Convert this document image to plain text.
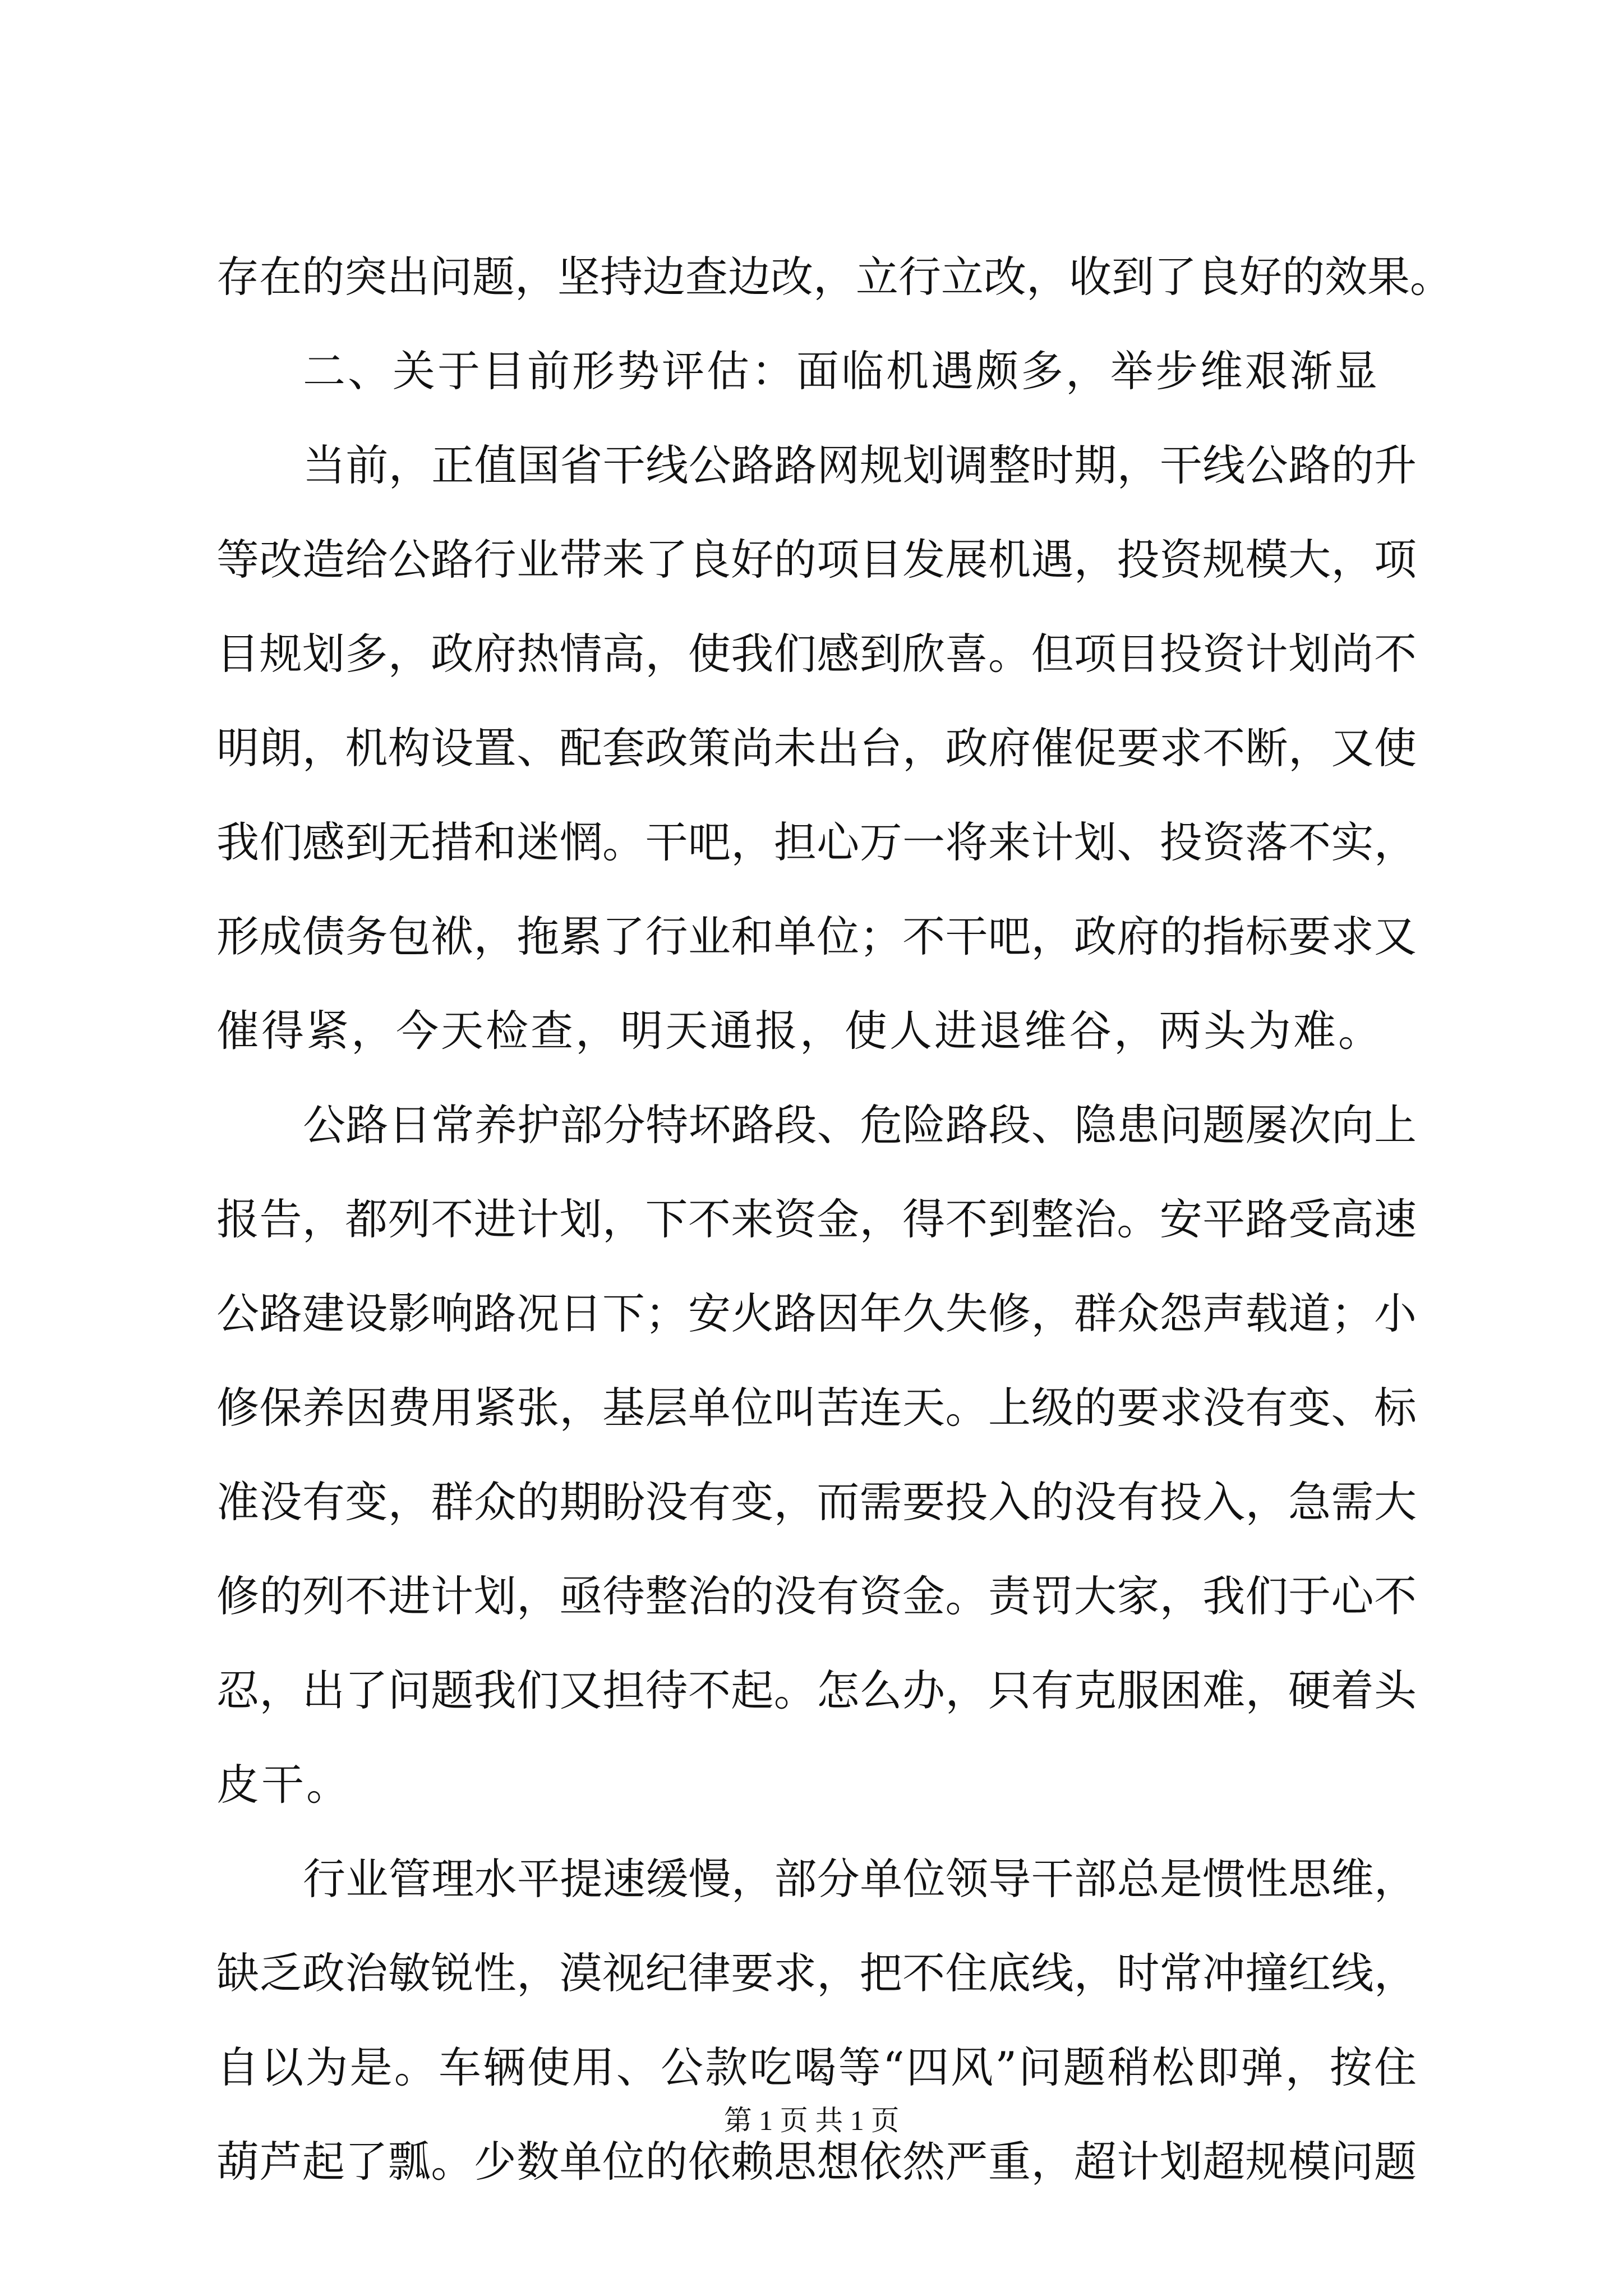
存在的突出问题，坚持边查边改，立行立改，收到了良好的效果。
二、关于目前形势评估：面临机遇颇多，举步维艰渐显
当前，正值国省干线公路路网规划调整时期，干线公路的升
等改造给公路行业带来了良好的项目发展机遇，投资规模大，项
目规划多，政府热情高，使我们感到欣喜。但项目投资计划尚不
明朗，机构设置、配套政策尚未出台，政府催促要求不断，又使
我们感到无措和迷惘。干吧，担心万一将来计划、投资落不实，
形成债务包袱，拖累了行业和单位；不干吧，政府的指标要求又
催得紧，今天检查，明天通报，使人进退维谷，两头为难。
公路日常养护部分特坏路段、危险路段、隐患问题屡次向上
报告，都列不进计划，下不来资金，得不到整治。安平路受高速
公路建设影响路况日下；安火路因年久失修，群众怨声载道；小
修保养因费用紧张，基层单位叫苦连天。上级的要求没有变、标
准没有变，群众的期盼没有变，而需要投入的没有投入，急需大
修的列不进计划，亟待整治的没有资金。责罚大家，我们于心不
忍，出了问题我们又担待不起。怎么办，只有克服困难，硬着头
皮干。
行业管理水平提速缓慢，部分单位领导干部总是惯性思维，
缺乏政治敏锐性，漠视纪律要求，把不住底线，时常冲撞红线，
自以为是。车辆使用、公款吃喝等“四风”问题稍松即弹，按住
葫芦起了瓢。少数单位的依赖思想依然严重，超计划超规模问题
第 1 页 共 1 页
